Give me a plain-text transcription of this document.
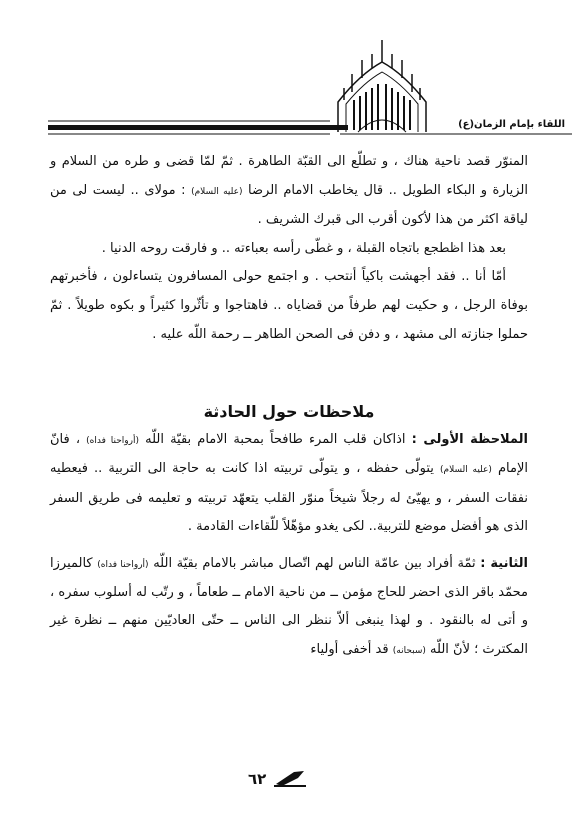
اللقاء بإمام الزمان(ع)

المنوّر قصد ناحية هناك ، و تطلّع الى القبّة الطاهرة . ثمّ لمّا قضى و طره من السلام و الزيارة و البكاء الطويل .. قال يخاطب الامام الرضا (عليه السلام) : مولاى .. ليست لى من لياقة اكثر من هذا لأكون أقرب الى قبرك الشريف .

بعد هذا اظطجع باتجاه القبلة ، و غطّى رأسه بعباءته .. و فارقت روحه الدنيا .

أمّا أنا .. فقد أجهشت باكياً أنتحب . و اجتمع حولى المسافرون يتساءلون ، فأخبرتهم بوفاة الرجل ، و حكيت لهم طرفاً من قضاياه .. فاهتاجوا و تأثّروا كثيراً و بكوه طويلاً . ثمّ حملوا جنازته الى مشهد ، و دفن فى الصحن الطاهر ــ رحمة اللّه عليه .

ملاحظات حول الحادثة

الملاحظة الأولى : اذاكان قلب المرء طافحاً بمحبة الامام بقيّة اللّه (أرواحنا فداه) ، فانّ الإمام (عليه السلام) يتولّى حفظه ، و يتولّى تربيته اذا كانت به حاجة الى التربية .. فيعطيه نفقات السفر ، و يهيّئ له رجلاً شيخاً منوّر القلب يتعهّد تربيته و تعليمه فى طريق السفر الذى هو أفضل موضع للتربية.. لكى يغدو مؤهّلاً للّقاءات القادمة .

الثانية : ثمّة أفراد بين عامّة الناس لهم اتّصال مباشر بالامام بقيّة اللّه (أرواحنا فداه) كالميرزا محمّد باقر الذى احضر للحاج مؤمن ــ من ناحية الامام ــ طعاماً ، و رتّب له أسلوب سفره ، و أتى له بالنقود . و لهذا ينبغى ألاّ ننظر الى الناس ــ حتّى العاديّين منهم ــ نظرة غير المكترث ؛ لأنّ اللّه (سبحانه) قد أخفى أولياء

٦٢
